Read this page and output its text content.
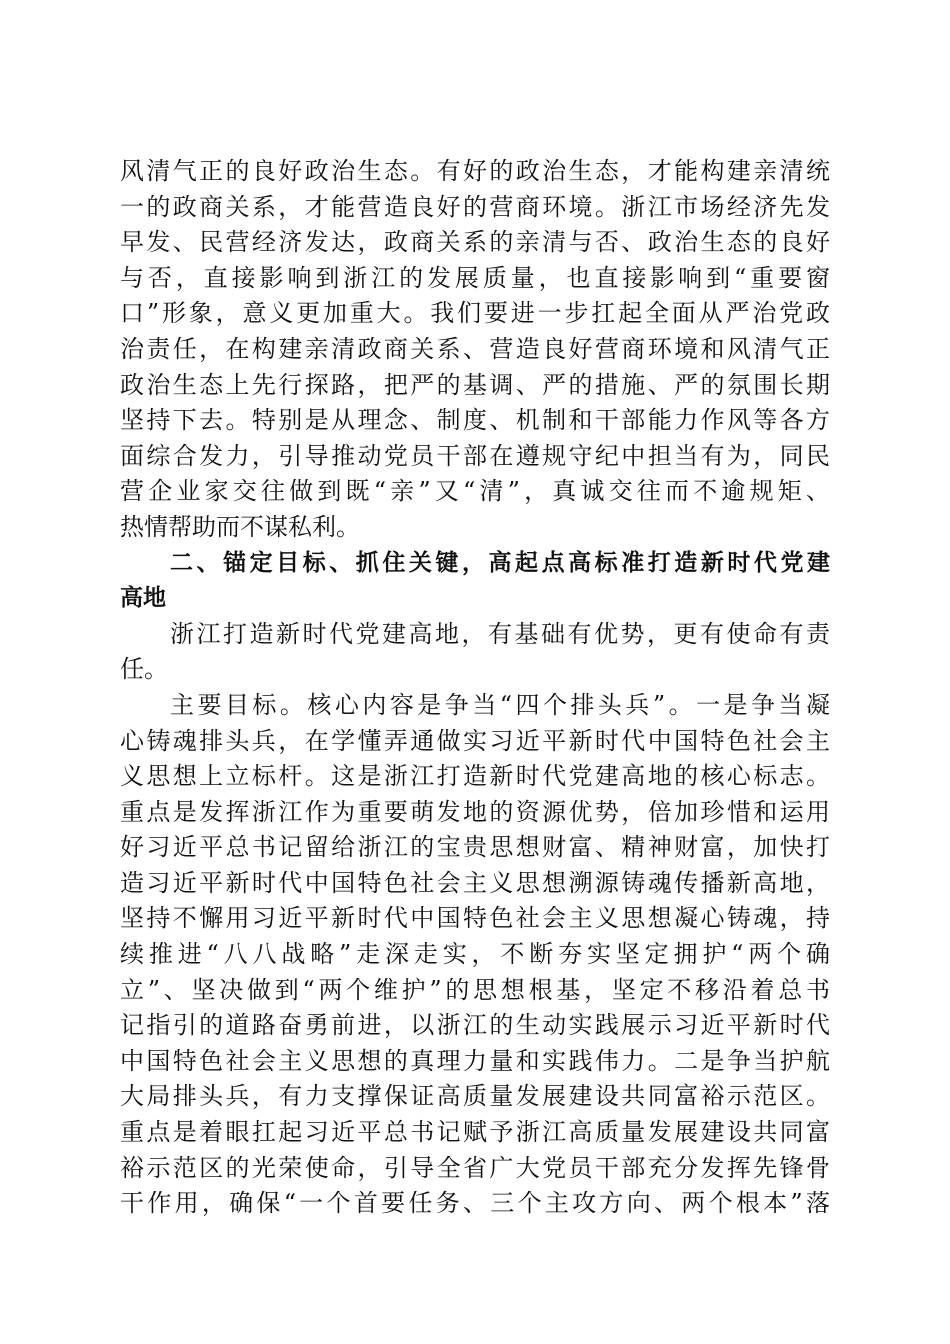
风清气正的良好政治生态。有好的政治生态，才能构建亲清统
一的政商关系，才能营造良好的营商环境。浙江市场经济先发
早发、民营经济发达，政商关系的亲清与否、政治生态的良好
与否，直接影响到浙江的发展质量，也直接影响到“重要窗
口”形象，意义更加重大。我们要进一步扛起全面从严治党政
治责任，在构建亲清政商关系、营造良好营商环境和风清气正
政治生态上先行探路，把严的基调、严的措施、严的氛围长期
坚持下去。特别是从理念、制度、机制和干部能力作风等各方
面综合发力，引导推动党员干部在遵规守纪中担当有为，同民
营企业家交往做到既“亲”又“清”，真诚交往而不逾规矩、
热情帮助而不谋私利。
二、锚定目标、抓住关键，高起点高标准打造新时代党建
高地
浙江打造新时代党建高地，有基础有优势，更有使命有责
任。
主要目标。核心内容是争当“四个排头兵”。一是争当凝
心铸魂排头兵，在学懂弄通做实习近平新时代中国特色社会主
义思想上立标杆。这是浙江打造新时代党建高地的核心标志。
重点是发挥浙江作为重要萌发地的资源优势，倍加珍惜和运用
好习近平总书记留给浙江的宝贵思想财富、精神财富，加快打
造习近平新时代中国特色社会主义思想溯源铸魂传播新高地，
坚持不懈用习近平新时代中国特色社会主义思想凝心铸魂，持
续推进“八八战略”走深走实，不断夯实坚定拥护“两个确
立”、坚决做到“两个维护”的思想根基，坚定不移沿着总书
记指引的道路奋勇前进，以浙江的生动实践展示习近平新时代
中国特色社会主义思想的真理力量和实践伟力。二是争当护航
大局排头兵，有力支撑保证高质量发展建设共同富裕示范区。
重点是着眼扛起习近平总书记赋予浙江高质量发展建设共同富
裕示范区的光荣使命，引导全省广大党员干部充分发挥先锋骨
干作用，确保“一个首要任务、三个主攻方向、两个根本”落
